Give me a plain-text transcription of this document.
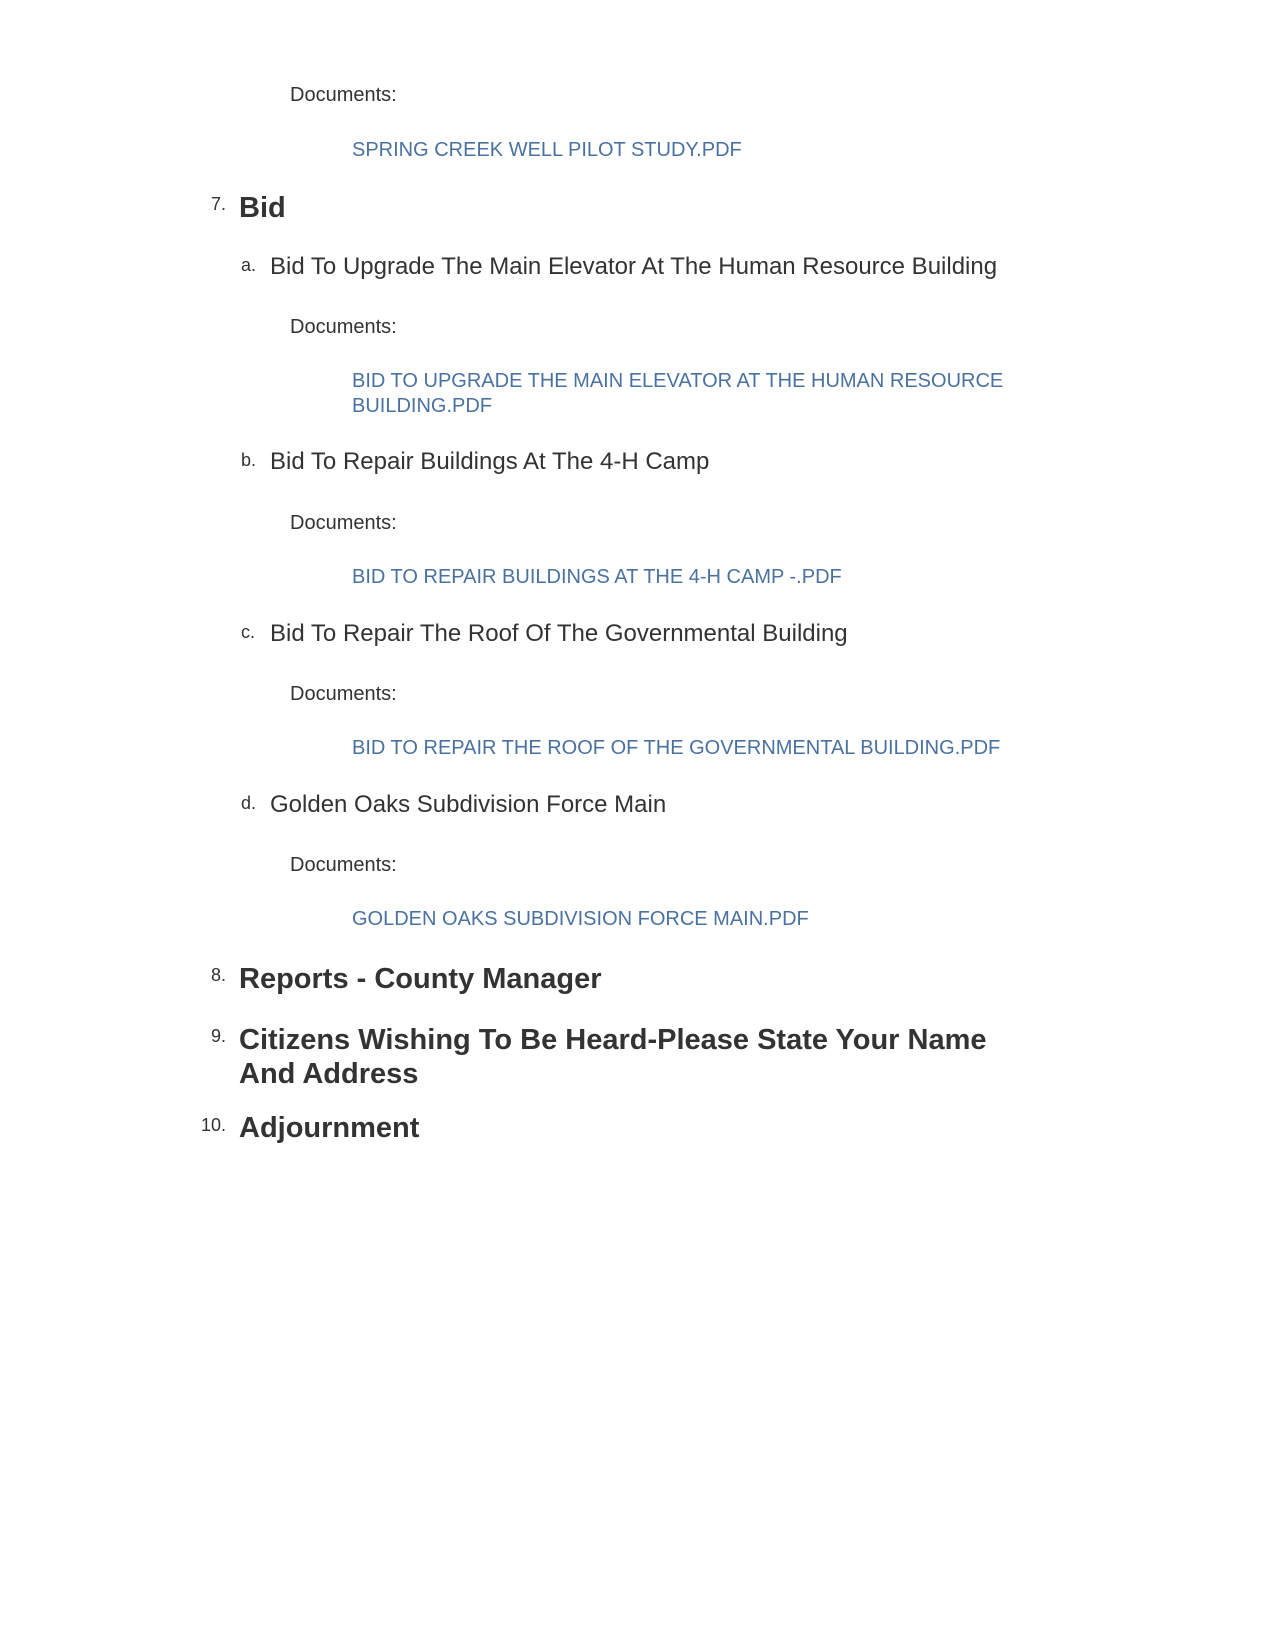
Documents:
SPRING CREEK WELL PILOT STUDY.PDF
7. Bid
a. Bid To Upgrade The Main Elevator At The Human Resource Building
Documents:
BID TO UPGRADE THE MAIN ELEVATOR AT THE HUMAN RESOURCE BUILDING.PDF
b. Bid To Repair Buildings At The 4-H Camp
Documents:
BID TO REPAIR BUILDINGS AT THE 4-H CAMP -.PDF
c. Bid To Repair The Roof Of The Governmental Building
Documents:
BID TO REPAIR THE ROOF OF THE GOVERNMENTAL BUILDING.PDF
d. Golden Oaks Subdivision Force Main
Documents:
GOLDEN OAKS SUBDIVISION FORCE MAIN.PDF
8. Reports - County Manager
9. Citizens Wishing To Be Heard-Please State Your Name And Address
10. Adjournment
